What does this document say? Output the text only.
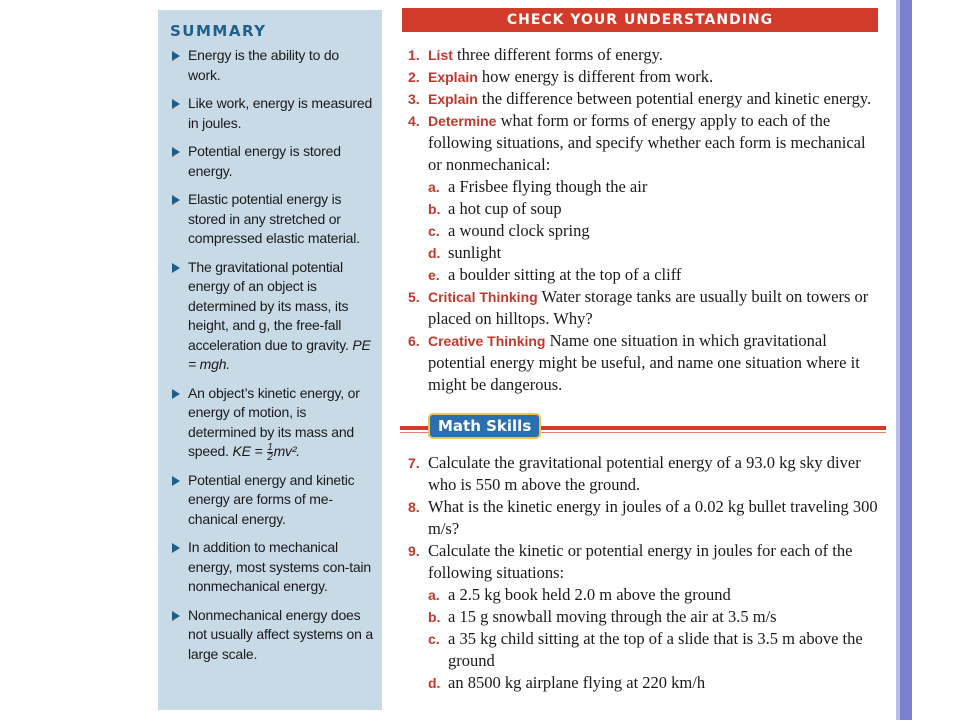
SUMMARY
Energy is the ability to do work.
Like work, energy is measured in joules.
Potential energy is stored energy.
Elastic potential energy is stored in any stretched or compressed elastic material.
The gravitational potential energy of an object is determined by its mass, its height, and g, the free-fall acceleration due to gravity. PE = mgh.
An object’s kinetic energy, or energy of motion, is determined by its mass and speed. KE = $\frac{1}{2} mv^2$.
Potential energy and kinetic energy are forms of me-chanical energy.
In addition to mechanical energy, most systems con-tain nonmechanical energy.
Nonmechanical energy does not usually affect systems on a large scale.
CHECK YOUR UNDERSTANDING
1. List three different forms of energy.
2. Explain how energy is different from work.
3. Explain the difference between potential energy and kinetic energy.
4. Determine what form or forms of energy apply to each of the following situations, and specify whether each form is mechanical or nonmechanical:
a. a Frisbee flying though the air
b. a hot cup of soup
c. a wound clock spring
d. sunlight
e. a boulder sitting at the top of a cliff
5. Critical Thinking Water storage tanks are usually built on towers or placed on hilltops. Why?
6. Creative Thinking Name one situation in which gravitational potential energy might be useful, and name one situation where it might be dangerous.
Math Skills
7. Calculate the gravitational potential energy of a 93.0 kg sky diver who is 550 m above the ground.
8. What is the kinetic energy in joules of a 0.02 kg bullet traveling 300 m/s?
9. Calculate the kinetic or potential energy in joules for each of the following situations:
a. a 2.5 kg book held 2.0 m above the ground
b. a 15 g snowball moving through the air at 3.5 m/s
c. a 35 kg child sitting at the top of a slide that is 3.5 m above the ground
d. an 8500 kg airplane flying at 220 km/h
